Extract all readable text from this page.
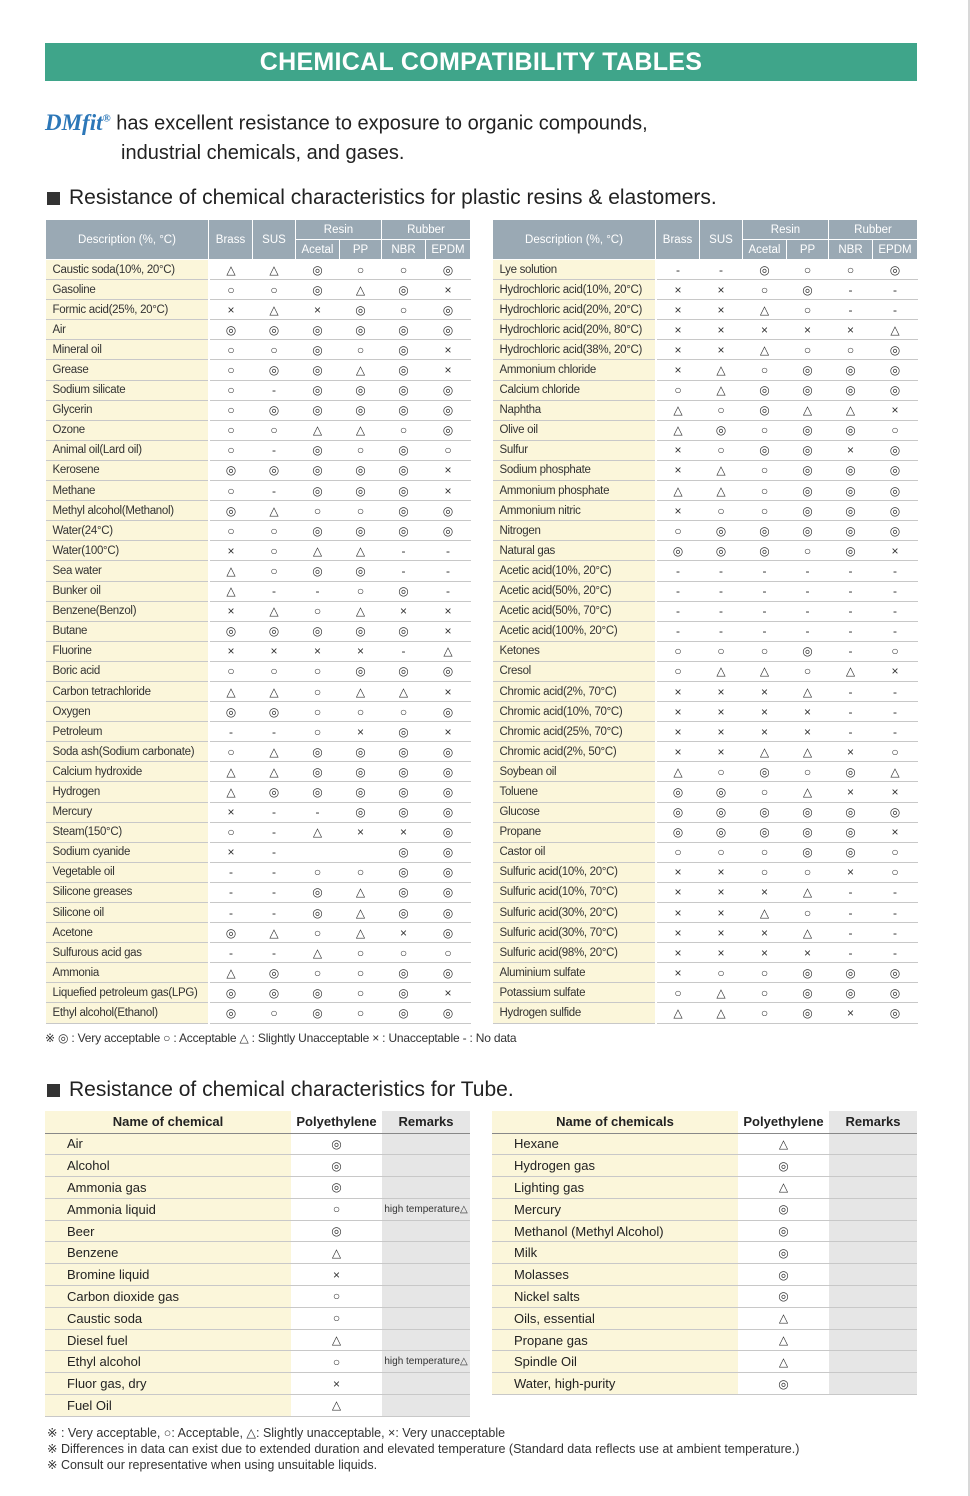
CHEMICAL COMPATIBILITY TABLES
DMfit® has excellent resistance to exposure to organic compounds,
industrial chemicals, and gases.
Resistance of chemical characteristics for plastic resins & elastomers.
Description (%, °C)	Brass	SUS	Resin		Rubber	
			Acetal	PP	NBR	EPDM
Caustic soda(10%, 20°C)	△	△	◎	○	○	◎
Gasoline	○	○	◎	△	◎	×
Formic acid(25%, 20°C)	×	△	×	◎	○	◎
Air	◎	◎	◎	◎	◎	◎
Mineral oil	○	○	◎	○	◎	×
Grease	○	◎	◎	△	◎	×
Sodium silicate	○	-	◎	◎	◎	◎
Glycerin	○	◎	◎	◎	◎	◎
Ozone	○	○	△	△	○	◎
Animal oil(Lard oil)	○	-	◎	○	◎	○
Kerosene	◎	◎	◎	◎	◎	×
Methane	○	-	◎	◎	◎	×
Methyl alcohol(Methanol)	◎	△	○	○	◎	◎
Water(24°C)	○	○	◎	◎	◎	◎
Water(100°C)	×	○	△	△	-	-
Sea water	△	○	◎	◎	-	-
Bunker oil	△	-	-	○	◎	-
Benzene(Benzol)	×	△	○	△	×	×
Butane	◎	◎	◎	◎	◎	×
Fluorine	×	×	×	×	-	△
Boric acid	○	○	○	◎	◎	◎
Carbon tetrachloride	△	△	○	△	△	×
Oxygen	◎	◎	○	○	○	◎
Petroleum	-	-	○	×	◎	×
Soda ash(Sodium carbonate)	○	△	◎	◎	◎	◎
Calcium hydroxide	△	△	◎	◎	◎	◎
Hydrogen	△	◎	◎	◎	◎	◎
Mercury	×	-	-	◎	◎	◎
Steam(150°C)	○	-	△	×	×	◎
Sodium cyanide	×	-			◎	◎
Vegetable oil	-	-	○	○	◎	◎
Silicone greases	-	-	◎	△	◎	◎
Silicone oil	-	-	◎	△	◎	◎
Acetone	◎	△	○	△	×	◎
Sulfurous acid gas	-	-	△	○	○	○
Ammonia	△	◎	○	○	◎	◎
Liquefied petroleum gas(LPG)	◎	◎	◎	○	◎	×
Ethyl alcohol(Ethanol)	◎	○	◎	○	◎	◎
Description (%, °C)	Brass	SUS	Resin		Rubber	
			Acetal	PP	NBR	EPDM
Lye solution	-	-	◎	○	○	◎
Hydrochloric acid(10%, 20°C)	×	×	○	◎	-	-
Hydrochloric acid(20%, 20°C)	×	×	△	○	-	-
Hydrochloric acid(20%, 80°C)	×	×	×	×	×	△
Hydrochloric acid(38%, 20°C)	×	×	△	○	○	◎
Ammonium chloride	×	△	○	◎	◎	◎
Calcium chloride	○	△	◎	◎	◎	◎
Naphtha	△	○	◎	△	△	×
Olive oil	△	◎	○	◎	◎	○
Sulfur	×	○	◎	◎	×	◎
Sodium phosphate	×	△	○	◎	◎	◎
Ammonium phosphate	△	△	○	◎	◎	◎
Ammonium nitric	×	○	○	◎	◎	◎
Nitrogen	○	◎	◎	◎	◎	◎
Natural gas	◎	◎	◎	○	◎	×
Acetic acid(10%, 20°C)	-	-	-	-	-	-
Acetic acid(50%, 20°C)	-	-	-	-	-	-
Acetic acid(50%, 70°C)	-	-	-	-	-	-
Acetic acid(100%, 20°C)	-	-	-	-	-	-
Ketones	○	○	○	◎	-	○
Cresol	○	△	△	○	△	×
Chromic acid(2%, 70°C)	×	×	×	△	-	-
Chromic acid(10%, 70°C)	×	×	×	×	-	-
Chromic acid(25%, 70°C)	×	×	×	×	-	-
Chromic acid(2%, 50°C)	×	×	△	△	×	○
Soybean oil	△	○	◎	○	◎	△
Toluene	◎	◎	○	△	×	×
Glucose	◎	◎	◎	◎	◎	◎
Propane	◎	◎	◎	◎	◎	×
Castor oil	○	○	○	◎	◎	○
Sulfuric acid(10%, 20°C)	×	×	○	○	×	○
Sulfuric acid(10%, 70°C)	×	×	×	△	-	-
Sulfuric acid(30%, 20°C)	×	×	△	○	-	-
Sulfuric acid(30%, 70°C)	×	×	×	△	-	-
Sulfuric acid(98%, 20°C)	×	×	×	×	-	-
Aluminium sulfate	×	○	○	◎	◎	◎
Potassium sulfate	○	△	○	◎	◎	◎
Hydrogen sulfide	△	△	○	◎	×	◎
※ ◎ : Very acceptable ○ : Acceptable △ : Slightly Unacceptable × : Unacceptable - : No data
Resistance of chemical characteristics for Tube.
Name of chemical	Polyethylene	Remarks
Air	◎	
Alcohol	◎	
Ammonia gas	◎	
Ammonia liquid	○	high temperature△
Beer	◎	
Benzene	△	
Bromine liquid	×	
Carbon dioxide gas	○	
Caustic soda	○	
Diesel fuel	△	
Ethyl alcohol	○	high temperature△
Fluor gas, dry	×	
Fuel Oil	△	
Name of chemicals	Polyethylene	Remarks
Hexane	△	
Hydrogen gas	◎	
Lighting gas	△	
Mercury	◎	
Methanol (Methyl Alcohol)	◎	
Milk	◎	
Molasses	◎	
Nickel salts	◎	
Oils, essential	△	
Propane gas	△	
Spindle Oil	△	
Water, high-purity	◎	
※ : Very acceptable, ○: Acceptable, △: Slightly unacceptable, ×: Very unacceptable
※ Differences in data can exist due to extended duration and elevated temperature (Standard data reflects use at ambient temperature.)
※ Consult our representative when using unsuitable liquids.
